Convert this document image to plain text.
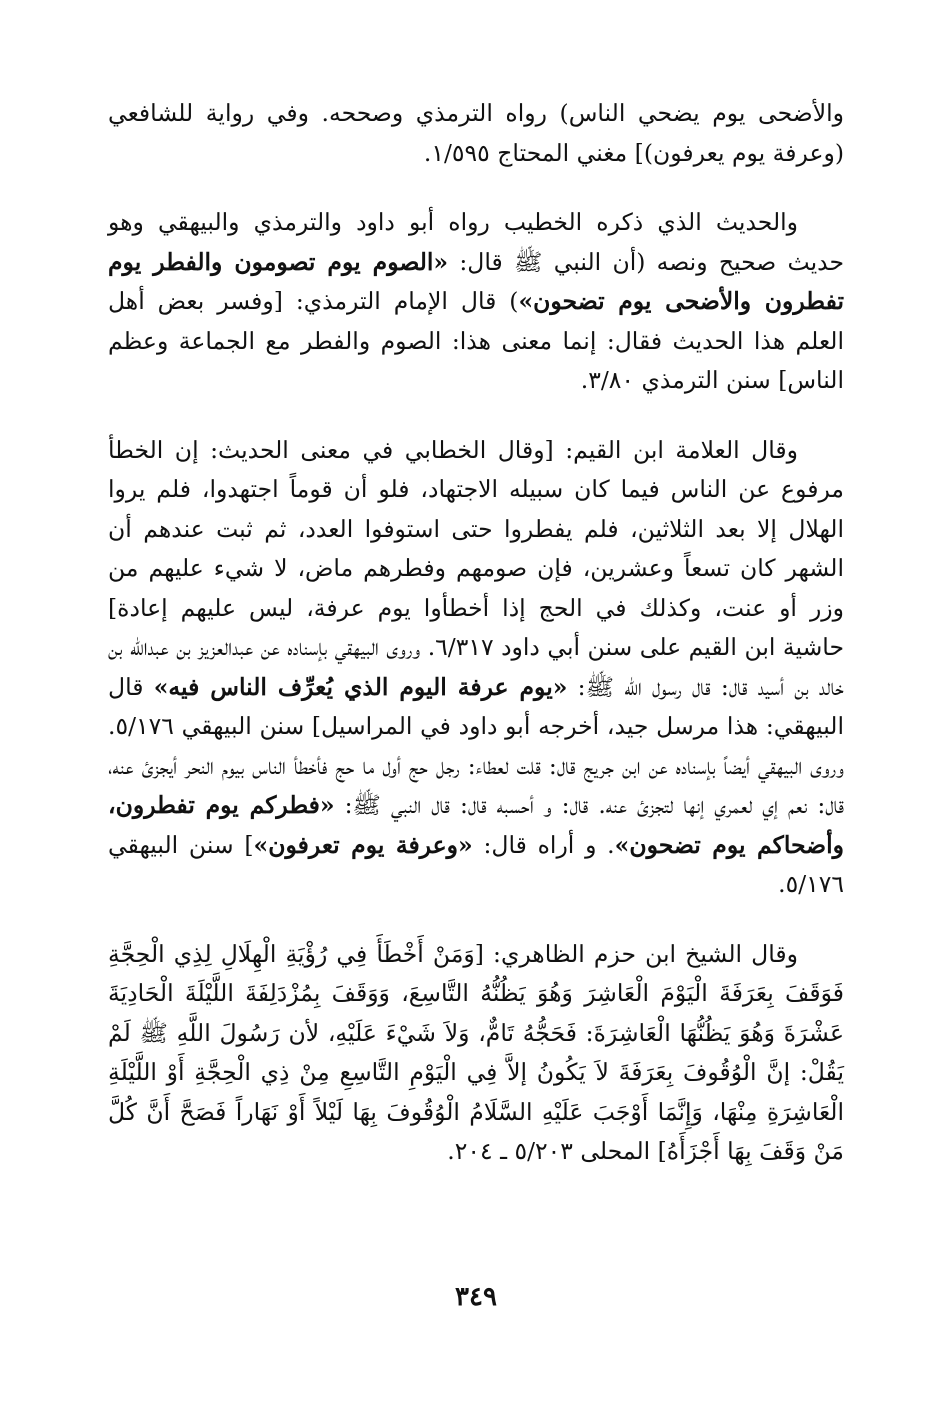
والأضحى يوم يضحي الناس) رواه الترمذي وصححه. وفي رواية للشافعي (وعرفة يوم يعرفون)] مغني المحتاج ١/٥٩٥.

والحديث الذي ذكره الخطيب رواه أبو داود والترمذي والبيهقي وهو حديث صحيح ونصه (أن النبي ﷺ قال: «الصوم يوم تصومون والفطر يوم تفطرون والأضحى يوم تضحون») قال الإمام الترمذي: [وفسر بعض أهل العلم هذا الحديث فقال: إنما معنى هذا: الصوم والفطر مع الجماعة وعظم الناس] سنن الترمذي ٣/٨٠.

وقال العلامة ابن القيم: [وقال الخطابي في معنى الحديث: إن الخطأ مرفوع عن الناس فيما كان سبيله الاجتهاد، فلو أن قوماً اجتهدوا، فلم يروا الهلال إلا بعد الثلاثين، فلم يفطروا حتى استوفوا العدد، ثم ثبت عندهم أن الشهر كان تسعاً وعشرين، فإن صومهم وفطرهم ماض، لا شيء عليهم من وزر أو عنت، وكذلك في الحج إذا أخطأوا يوم عرفة، ليس عليهم إعادة] حاشية ابن القيم على سنن أبي داود ٦/٣١٧. وروى البيهقي بإسناده عن عبدالعزيز بن عبدالله بن خالد بن أسيد قال: قال رسول الله ﷺ: «يوم عرفة اليوم الذي يُعرِّف الناس فيه» قال البيهقي: هذا مرسل جيد، أخرجه أبو داود في المراسيل] سنن البيهقي ٥/١٧٦. وروى البيهقي أيضاً بإسناده عن ابن جريج قال: قلت لعطاء: رجل حج أول ما حج فأخطأ الناس بيوم النحر أيجزئ عنه، قال: نعم إي لعمري إنها لتجزئ عنه. قال: و أحسبه قال: قال النبي ﷺ: «فطركم يوم تفطرون، وأضحاكم يوم تضحون». و أراه قال: «وعرفة يوم تعرفون»] سنن البيهقي ٥/١٧٦.

وقال الشيخ ابن حزم الظاهري: [وَمَنْ أَخْطَأَ فِي رُؤْيَةِ الْهِلَالِ لِذِي الْحِجَّةِ فَوَقَفَ بِعَرَفَةَ الْيَوْمَ الْعَاشِرَ وَهُوَ يَظُنُّهُ التَّاسِعَ، وَوَقَفَ بِمُزْدَلِفَةَ اللَّيْلَةَ الْحَادِيَةَ عَشْرَةَ وَهُوَ يَظُنُّهَا الْعَاشِرَةَ: فَحَجُّهُ تَامٌّ، وَلاَ شَيْءَ عَلَيْهِ، لأن رَسُولَ اللَّهِ ﷺ لَمْ يَقُلْ: إنَّ الْوُقُوفَ بِعَرَفَةَ لاَ يَكُونُ إلاَّ فِي الْيَوْمِ التَّاسِعِ مِنْ ذِي الْحِجَّةِ أَوْ اللَّيْلَةِ الْعَاشِرَةِ مِنْهَا، وَإِنَّمَا أَوْجَبَ عَلَيْهِ السَّلَامُ الْوُقُوفَ بِهَا لَيْلاً أَوْ نَهَاراً فَصَحَّ أَنَّ كُلَّ مَنْ وَقَفَ بِهَا أَجْزَأَهُ] المحلى ٥/٢٠٣ ـ ٢٠٤.

٣٤٩
